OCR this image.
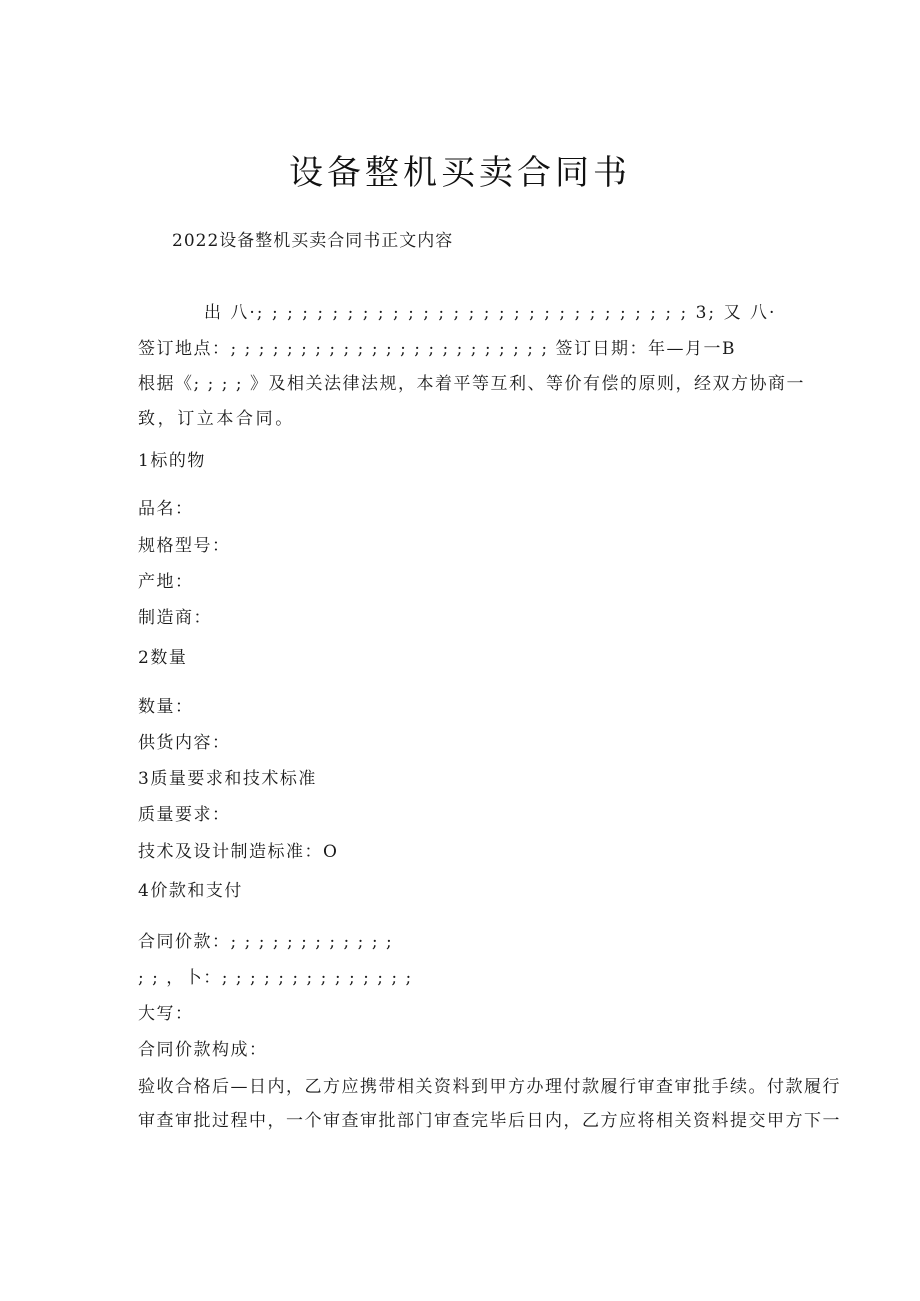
设备整机买卖合同书
2022设备整机买卖合同书正文内容
出 八·; ; ; ; ; ; ; ; ; ; ; ; ; ; ; ; ; ; ; ; ; ; ; ; ; ; ; ; ; 3; 又 八·
签订地点：; ; ; ; ; ; ; ; ; ; ; ; ; ; ; ; ; ; ; ; ; ; ; 签订日期：年—月一B
根据《; ; ; ; 》及相关法律法规，本着平等互利、等价有偿的原则，经双方协商一
致，订立本合同。
1标的物
品名：
规格型号：
产地：
制造商：
2数量
数量：
供货内容：
3质量要求和技术标准
质量要求：
技术及设计制造标准：O
4价款和支付
合同价款：; ; ; ; ; ; ; ; ; ; ; ;
; ; ，卜：; ; ; ; ; ; ; ; ; ; ; ; ; ;
大写：
合同价款构成：
验收合格后—日内，乙方应携带相关资料到甲方办理付款履行审查审批手续。付款履行
审查审批过程中，一个审查审批部门审查完毕后日内，乙方应将相关资料提交甲方下一
